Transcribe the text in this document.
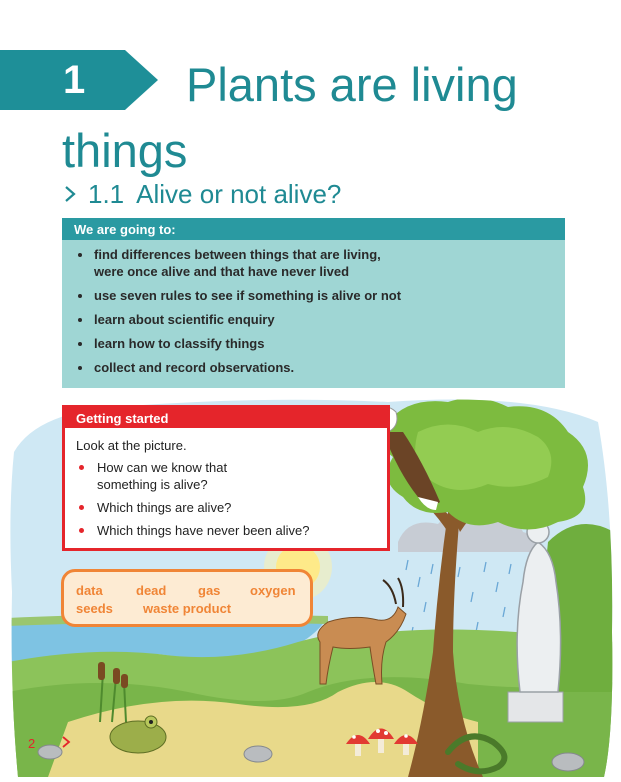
1	Plants are living things
1.1 Alive or not alive?
We are going to:
find differences between things that are living, were once alive and that have never lived
use seven rules to see if something is alive or not
learn about scientific enquiry
learn how to classify things
collect and record observations.
Getting started
Look at the picture.
How can we know that something is alive?
Which things are alive?
Which things have never been alive?
data	dead gas oxygen
seeds waste product
2
